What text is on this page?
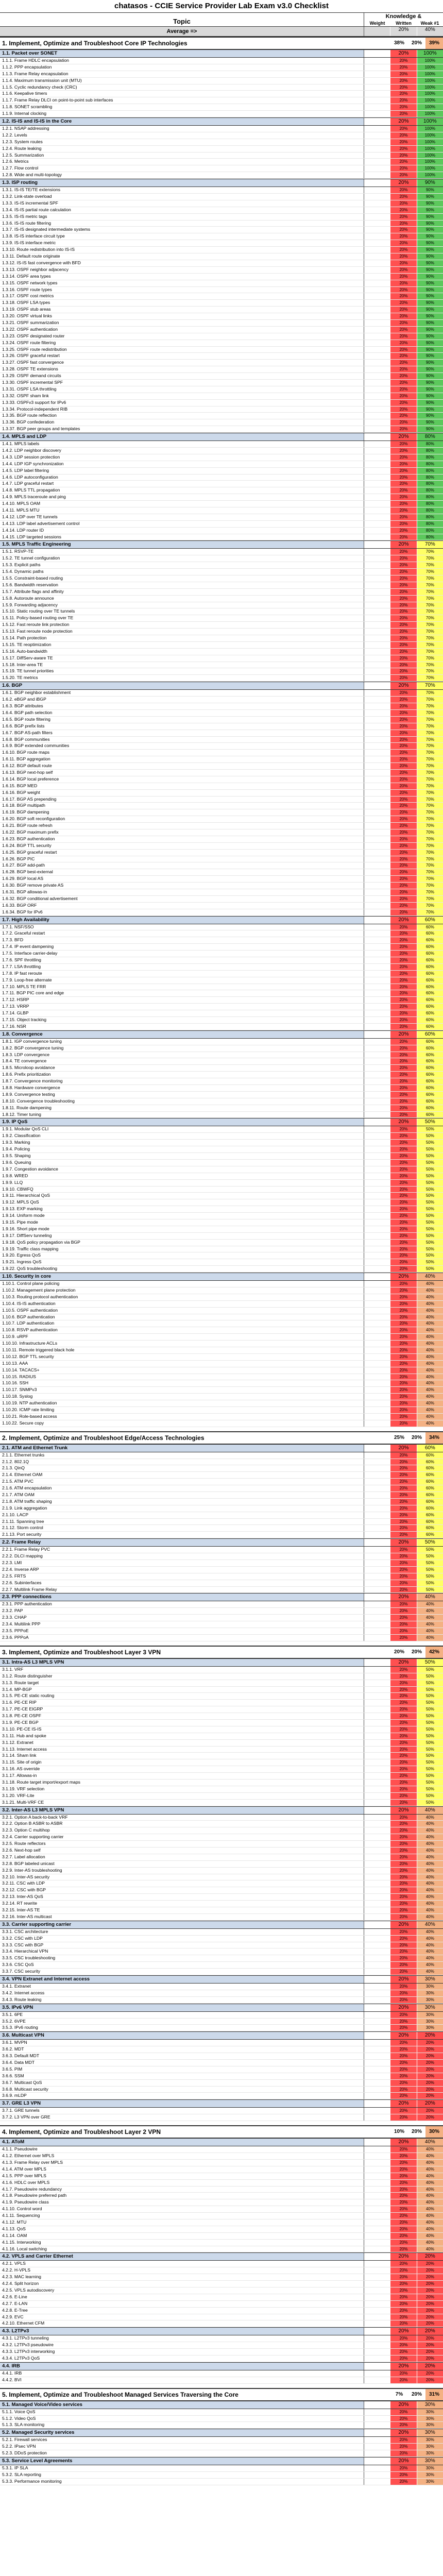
chatasos - CCIE Service Provider Lab Exam v3.0 Checklist
Topic
Knowledge &
Weight	Written	Weak #1
Average =>	20%	40%
1. Implement, Optimize and Troubleshoot Core IP Technologies	38%	20%	39%
1.1. Packet over SONET	20%	100%
1.1.1. Frame HDLC encapsulation	20%	100%
1.1.2. PPP encapsulation	20%	100%
1.1.3. Frame Relay encapsulation	20%	100%
1.1.4. Maximum transmission unit (MTU)	20%	100%
1.1.5. Cyclic redundancy check (CRC)	20%	100%
1.1.6. Keepalive timers	20%	100%
1.1.7. Frame Relay DLCI on point-to-point sub interfaces	20%	100%
1.1.8. SONET scrambling	20%	100%
1.1.9. Internal clocking	20%	100%
1.2. IS-IS and IS-IS in the Core	20%	100%
1.2.1. NSAP addressing	20%	100%
1.2.2. Levels	20%	100%
1.2.3. System routes	20%	100%
1.2.4. Route leaking	20%	100%
1.2.5. Summarization	20%	100%
1.2.6. Metrics	20%	100%
1.2.7. Flow control	20%	100%
1.2.8. Wide and multi-topology	20%	100%
1.3. ISP routing	20%	90%
1.3.1. IS-IS TE/TE extensions	20%	90%
1.3.2. Link-state overload	20%	90%
1.3.3. IS-IS incremental SPF	20%	90%
1.3.4. IS-IS partial route calculation	20%	90%
1.3.5. IS-IS metric tags	20%	90%
1.3.6. IS-IS route filtering	20%	90%
1.3.7. IS-IS designated intermediate systems	20%	90%
1.3.8. IS-IS interface circuit type	20%	90%
1.3.9. IS-IS interface metric	20%	90%
1.3.10. Route redistribution into IS-IS	20%	90%
1.3.11. Default route originate	20%	90%
1.3.12. IS-IS fast convergence with BFD	20%	90%
1.3.13. OSPF neighbor adjacency	20%	90%
1.3.14. OSPF area types	20%	90%
1.3.15. OSPF network types	20%	90%
1.3.16. OSPF route types	20%	90%
1.3.17. OSPF cost metrics	20%	90%
1.3.18. OSPF LSA types	20%	90%
1.3.19. OSPF stub areas	20%	90%
1.3.20. OSPF virtual links	20%	90%
1.3.21. OSPF summarization	20%	90%
1.3.22. OSPF authentication	20%	90%
1.3.23. OSPF designated router	20%	90%
1.3.24. OSPF route filtering	20%	90%
1.3.25. OSPF route redistribution	20%	90%
1.3.26. OSPF graceful restart	20%	90%
1.3.27. OSPF fast convergence	20%	90%
1.3.28. OSPF TE extensions	20%	90%
1.3.29. OSPF demand circuits	20%	90%
1.3.30. OSPF incremental SPF	20%	90%
1.3.31. OSPF LSA throttling	20%	90%
1.3.32. OSPF sham link	20%	90%
1.3.33. OSPFv3 support for IPv6	20%	90%
1.3.34. Protocol-independent RIB	20%	90%
1.3.35. BGP route reflection	20%	90%
1.3.36. BGP confederation	20%	90%
1.3.37. BGP peer groups and templates	20%	90%
1.4. MPLS and LDP	20%	80%
1.4.1. MPLS labels	20%	80%
1.4.2. LDP neighbor discovery	20%	80%
1.4.3. LDP session protection	20%	80%
1.4.4. LDP IGP synchronization	20%	80%
1.4.5. LDP label filtering	20%	80%
1.4.6. LDP autoconfiguration	20%	80%
1.4.7. LDP graceful restart	20%	80%
1.4.8. MPLS TTL propagation	20%	80%
1.4.9. MPLS traceroute and ping	20%	80%
1.4.10. MPLS OAM	20%	80%
1.4.11. MPLS MTU	20%	80%
1.4.12. LDP over TE tunnels	20%	80%
1.4.13. LDP label advertisement control	20%	80%
1.4.14. LDP router ID	20%	80%
1.4.15. LDP targeted sessions	20%	80%
1.5. MPLS Traffic Engineering	20%	70%
1.5.1. RSVP-TE	20%	70%
1.5.2. TE tunnel configuration	20%	70%
1.5.3. Explicit paths	20%	70%
1.5.4. Dynamic paths	20%	70%
1.5.5. Constraint-based routing	20%	70%
1.5.6. Bandwidth reservation	20%	70%
1.5.7. Attribute flags and affinity	20%	70%
1.5.8. Autoroute announce	20%	70%
1.5.9. Forwarding adjacency	20%	70%
1.5.10. Static routing over TE tunnels	20%	70%
1.5.11. Policy-based routing over TE	20%	70%
1.5.12. Fast reroute link protection	20%	70%
1.5.13. Fast reroute node protection	20%	70%
1.5.14. Path protection	20%	70%
1.5.15. TE reoptimization	20%	70%
1.5.16. Auto-bandwidth	20%	70%
1.5.17. DiffServ-aware TE	20%	70%
1.5.18. Inter-area TE	20%	70%
1.5.19. TE tunnel priorities	20%	70%
1.5.20. TE metrics	20%	70%
1.6. BGP	20%	70%
1.6.1. BGP neighbor establishment	20%	70%
1.6.2. eBGP and iBGP	20%	70%
1.6.3. BGP attributes	20%	70%
1.6.4. BGP path selection	20%	70%
1.6.5. BGP route filtering	20%	70%
1.6.6. BGP prefix lists	20%	70%
1.6.7. BGP AS-path filters	20%	70%
1.6.8. BGP communities	20%	70%
1.6.9. BGP extended communities	20%	70%
1.6.10. BGP route maps	20%	70%
1.6.11. BGP aggregation	20%	70%
1.6.12. BGP default route	20%	70%
1.6.13. BGP next-hop self	20%	70%
1.6.14. BGP local preference	20%	70%
1.6.15. BGP MED	20%	70%
1.6.16. BGP weight	20%	70%
1.6.17. BGP AS prepending	20%	70%
1.6.18. BGP multipath	20%	70%
1.6.19. BGP dampening	20%	70%
1.6.20. BGP soft reconfiguration	20%	70%
1.6.21. BGP route refresh	20%	70%
1.6.22. BGP maximum prefix	20%	70%
1.6.23. BGP authentication	20%	70%
1.6.24. BGP TTL security	20%	70%
1.6.25. BGP graceful restart	20%	70%
1.6.26. BGP PIC	20%	70%
1.6.27. BGP add-path	20%	70%
1.6.28. BGP best-external	20%	70%
1.6.29. BGP local AS	20%	70%
1.6.30. BGP remove private AS	20%	70%
1.6.31. BGP allowas-in	20%	70%
1.6.32. BGP conditional advertisement	20%	70%
1.6.33. BGP ORF	20%	70%
1.6.34. BGP for IPv6	20%	70%
1.7. High Availability	20%	60%
1.7.1. NSF/SSO	20%	60%
1.7.2. Graceful restart	20%	60%
1.7.3. BFD	20%	60%
1.7.4. IP event dampening	20%	60%
1.7.5. Interface carrier-delay	20%	60%
1.7.6. SPF throttling	20%	60%
1.7.7. LSA throttling	20%	60%
1.7.8. IP fast reroute	20%	60%
1.7.9. Loop-free alternate	20%	60%
1.7.10. MPLS TE FRR	20%	60%
1.7.11. BGP PIC core and edge	20%	60%
1.7.12. HSRP	20%	60%
1.7.13. VRRP	20%	60%
1.7.14. GLBP	20%	60%
1.7.15. Object tracking	20%	60%
1.7.16. NSR	20%	60%
1.8. Convergence	20%	60%
1.8.1. IGP convergence tuning	20%	60%
1.8.2. BGP convergence tuning	20%	60%
1.8.3. LDP convergence	20%	60%
1.8.4. TE convergence	20%	60%
1.8.5. Microloop avoidance	20%	60%
1.8.6. Prefix prioritization	20%	60%
1.8.7. Convergence monitoring	20%	60%
1.8.8. Hardware convergence	20%	60%
1.8.9. Convergence testing	20%	60%
1.8.10. Convergence troubleshooting	20%	60%
1.8.11. Route dampening	20%	60%
1.8.12. Timer tuning	20%	60%
1.9. IP QoS	20%	50%
1.9.1. Modular QoS CLI	20%	50%
1.9.2. Classification	20%	50%
1.9.3. Marking	20%	50%
1.9.4. Policing	20%	50%
1.9.5. Shaping	20%	50%
1.9.6. Queuing	20%	50%
1.9.7. Congestion avoidance	20%	50%
1.9.8. WRED	20%	50%
1.9.9. LLQ	20%	50%
1.9.10. CBWFQ	20%	50%
1.9.11. Hierarchical QoS	20%	50%
1.9.12. MPLS QoS	20%	50%
1.9.13. EXP marking	20%	50%
1.9.14. Uniform mode	20%	50%
1.9.15. Pipe mode	20%	50%
1.9.16. Short pipe mode	20%	50%
1.9.17. DiffServ tunneling	20%	50%
1.9.18. QoS policy propagation via BGP	20%	50%
1.9.19. Traffic class mapping	20%	50%
1.9.20. Egress QoS	20%	50%
1.9.21. Ingress QoS	20%	50%
1.9.22. QoS troubleshooting	20%	50%
1.10. Security in core	20%	40%
1.10.1. Control plane policing	20%	40%
1.10.2. Management plane protection	20%	40%
1.10.3. Routing protocol authentication	20%	40%
1.10.4. IS-IS authentication	20%	40%
1.10.5. OSPF authentication	20%	40%
1.10.6. BGP authentication	20%	40%
1.10.7. LDP authentication	20%	40%
1.10.8. RSVP authentication	20%	40%
1.10.9. uRPF	20%	40%
1.10.10. Infrastructure ACLs	20%	40%
1.10.11. Remote triggered black hole	20%	40%
1.10.12. BGP TTL security	20%	40%
1.10.13. AAA	20%	40%
1.10.14. TACACS+	20%	40%
1.10.15. RADIUS	20%	40%
1.10.16. SSH	20%	40%
1.10.17. SNMPv3	20%	40%
1.10.18. Syslog	20%	40%
1.10.19. NTP authentication	20%	40%
1.10.20. ICMP rate limiting	20%	40%
1.10.21. Role-based access	20%	40%
1.10.22. Secure copy	20%	40%
2. Implement, Optimize and Troubleshoot Edge/Access Technologies	25%	20%	34%
2.1. ATM and Ethernet Trunk	20%	60%
2.1.1. Ethernet trunks	20%	60%
2.1.2. 802.1Q	20%	60%
2.1.3. QinQ	20%	60%
2.1.4. Ethernet OAM	20%	60%
2.1.5. ATM PVC	20%	60%
2.1.6. ATM encapsulation	20%	60%
2.1.7. ATM OAM	20%	60%
2.1.8. ATM traffic shaping	20%	60%
2.1.9. Link aggregation	20%	60%
2.1.10. LACP	20%	60%
2.1.11. Spanning tree	20%	60%
2.1.12. Storm control	20%	60%
2.1.13. Port security	20%	60%
2.2. Frame Relay	20%	50%
2.2.1. Frame Relay PVC	20%	50%
2.2.2. DLCI mapping	20%	50%
2.2.3. LMI	20%	50%
2.2.4. Inverse ARP	20%	50%
2.2.5. FRTS	20%	50%
2.2.6. Subinterfaces	20%	50%
2.2.7. Multilink Frame Relay	20%	50%
2.3. PPP connections	20%	40%
2.3.1. PPP authentication	20%	40%
2.3.2. PAP	20%	40%
2.3.3. CHAP	20%	40%
2.3.4. Multilink PPP	20%	40%
2.3.5. PPPoE	20%	40%
2.3.6. PPPoA	20%	40%
3. Implement, Optimize and Troubleshoot Layer 3 VPN	20%	20%	42%
3.1. Intra-AS L3 MPLS VPN	20%	50%
3.1.1. VRF	20%	50%
3.1.2. Route distinguisher	20%	50%
3.1.3. Route target	20%	50%
3.1.4. MP-BGP	20%	50%
3.1.5. PE-CE static routing	20%	50%
3.1.6. PE-CE RIP	20%	50%
3.1.7. PE-CE EIGRP	20%	50%
3.1.8. PE-CE OSPF	20%	50%
3.1.9. PE-CE BGP	20%	50%
3.1.10. PE-CE IS-IS	20%	50%
3.1.11. Hub and spoke	20%	50%
3.1.12. Extranet	20%	50%
3.1.13. Internet access	20%	50%
3.1.14. Sham link	20%	50%
3.1.15. Site of origin	20%	50%
3.1.16. AS override	20%	50%
3.1.17. Allowas-in	20%	50%
3.1.18. Route target import/export maps	20%	50%
3.1.19. VRF selection	20%	50%
3.1.20. VRF-Lite	20%	50%
3.1.21. Multi-VRF CE	20%	50%
3.2. Inter-AS L3 MPLS VPN	20%	40%
3.2.1. Option A back-to-back VRF	20%	40%
3.2.2. Option B ASBR to ASBR	20%	40%
3.2.3. Option C multihop	20%	40%
3.2.4. Carrier supporting carrier	20%	40%
3.2.5. Route reflectors	20%	40%
3.2.6. Next-hop self	20%	40%
3.2.7. Label allocation	20%	40%
3.2.8. BGP labeled unicast	20%	40%
3.2.9. Inter-AS troubleshooting	20%	40%
3.2.10. Inter-AS security	20%	40%
3.2.11. CSC with LDP	20%	40%
3.2.12. CSC with BGP	20%	40%
3.2.13. Inter-AS QoS	20%	40%
3.2.14. RT rewrite	20%	40%
3.2.15. Inter-AS TE	20%	40%
3.2.16. Inter-AS multicast	20%	40%
3.3. Carrier supporting carrier	20%	40%
3.3.1. CSC architecture	20%	40%
3.3.2. CSC with LDP	20%	40%
3.3.3. CSC with BGP	20%	40%
3.3.4. Hierarchical VPN	20%	40%
3.3.5. CSC troubleshooting	20%	40%
3.3.6. CSC QoS	20%	40%
3.3.7. CSC security	20%	40%
3.4. VPN Extranet and Internet access	20%	30%
3.4.1. Extranet	20%	30%
3.4.2. Internet access	20%	30%
3.4.3. Route leaking	20%	30%
3.5. IPv6 VPN	20%	30%
3.5.1. 6PE	20%	30%
3.5.2. 6VPE	20%	30%
3.5.3. IPv6 routing	20%	30%
3.6. Multicast VPN	20%	20%
3.6.1. MVPN	20%	20%
3.6.2. MDT	20%	20%
3.6.3. Default MDT	20%	20%
3.6.4. Data MDT	20%	20%
3.6.5. PIM	20%	20%
3.6.6. SSM	20%	20%
3.6.7. Multicast QoS	20%	20%
3.6.8. Multicast security	20%	20%
3.6.9. mLDP	20%	20%
3.7. GRE L3 VPN	20%	20%
3.7.1. GRE tunnels	20%	20%
3.7.2. L3 VPN over GRE	20%	20%
4. Implement, Optimize and Troubleshoot Layer 2 VPN	10%	20%	30%
4.1. AToM	20%	40%
4.1.1. Pseudowire	20%	40%
4.1.2. Ethernet over MPLS	20%	40%
4.1.3. Frame Relay over MPLS	20%	40%
4.1.4. ATM over MPLS	20%	40%
4.1.5. PPP over MPLS	20%	40%
4.1.6. HDLC over MPLS	20%	40%
4.1.7. Pseudowire redundancy	20%	40%
4.1.8. Pseudowire preferred path	20%	40%
4.1.9. Pseudowire class	20%	40%
4.1.10. Control word	20%	40%
4.1.11. Sequencing	20%	40%
4.1.12. MTU	20%	40%
4.1.13. QoS	20%	40%
4.1.14. OAM	20%	40%
4.1.15. Interworking	20%	40%
4.1.16. Local switching	20%	40%
4.2. VPLS and Carrier Ethernet	20%	20%
4.2.1. VPLS	20%	20%
4.2.2. H-VPLS	20%	20%
4.2.3. MAC learning	20%	20%
4.2.4. Split horizon	20%	20%
4.2.5. VPLS autodiscovery	20%	20%
4.2.6. E-Line	20%	20%
4.2.7. E-LAN	20%	20%
4.2.8. E-Tree	20%	20%
4.2.9. EVC	20%	20%
4.2.10. Ethernet CFM	20%	20%
4.3. L2TPv3	20%	20%
4.3.1. L2TPv3 tunneling	20%	20%
4.3.2. L2TPv3 pseudowire	20%	20%
4.3.3. L2TPv3 interworking	20%	20%
4.3.4. L2TPv3 QoS	20%	20%
4.4. IRB	20%	20%
4.4.1. IRB	20%	20%
4.4.2. BVI	20%	20%
5. Implement, Optimize and Troubleshoot Managed Services Traversing the Core	7%	20%	31%
5.1. Managed Voice/Video services	20%	30%
5.1.1. Voice QoS	20%	30%
5.1.2. Video QoS	20%	30%
5.1.3. SLA monitoring	20%	30%
5.2. Managed Security services	20%	30%
5.2.1. Firewall services	20%	30%
5.2.2. IPsec VPN	20%	30%
5.2.3. DDoS protection	20%	30%
5.3. Service Level Agreements	20%	30%
5.3.1. IP SLA	20%	30%
5.3.2. SLA reporting	20%	30%
5.3.3. Performance monitoring	20%	30%
